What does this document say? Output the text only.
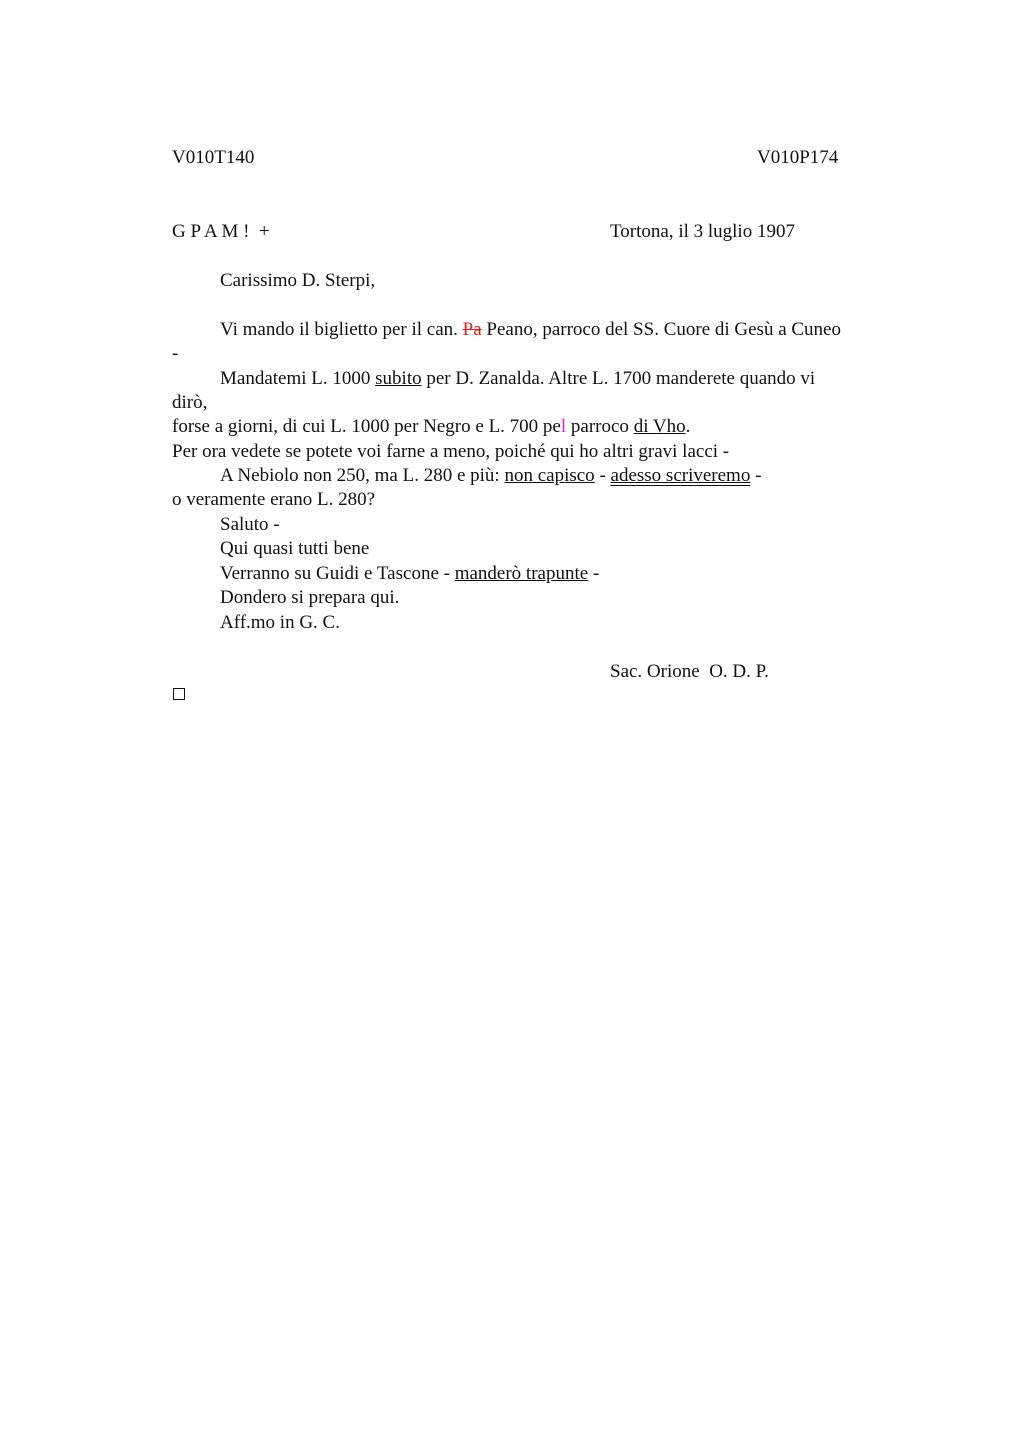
V010T140	V010P174
G P A M !  +	Tortona, il 3 luglio 1907
Carissimo D. Sterpi,
Vi mando il biglietto per il can. Pa Peano, parroco del SS. Cuore di Gesù a Cuneo
-
Mandatemi L. 1000 subito per D. Zanalda. Altre L. 1700 manderete quando vi
dirò,
forse a giorni, di cui L. 1000 per Negro e L. 700 pel parroco di Vho.
Per ora vedete se potete voi farne a meno, poiché qui ho altri gravi lacci -
A Nebiolo non 250, ma L. 280 e più: non capisco - adesso scriveremo -
o veramente erano L. 280?
Saluto -
Qui quasi tutti bene
Verranno su Guidi e Tascone - manderò trapunte -
Dondero si prepara qui.
Aff.mo in G. C.
Sac. Orione  O. D. P.
